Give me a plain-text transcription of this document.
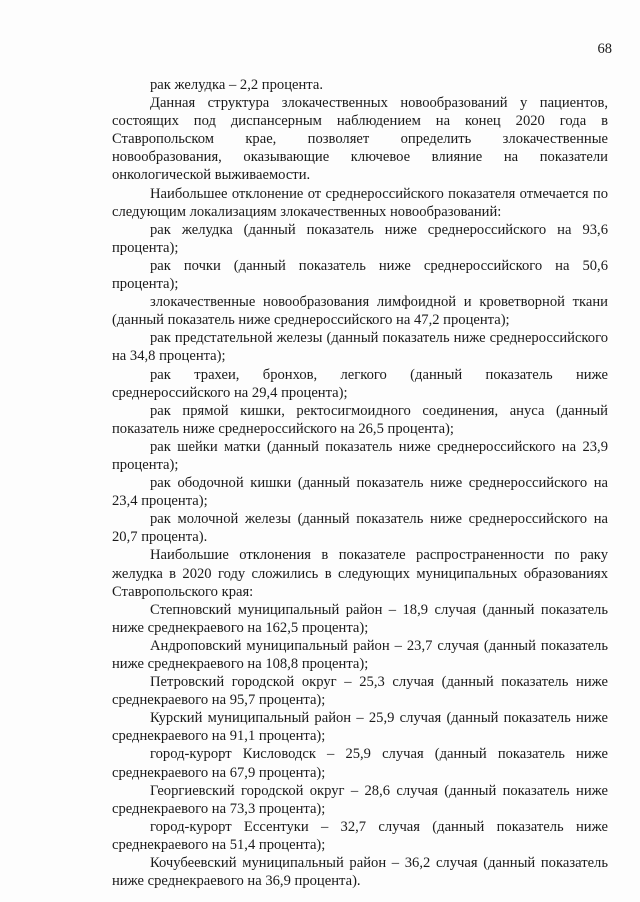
68

рак желудка – 2,2 процента.

Данная структура злокачественных новообразований у пациентов, состоящих под диспансерным наблюдением на конец 2020 года в Ставропольском крае, позволяет определить злокачественные новообразования, оказывающие ключевое влияние на показатели онкологической выживаемости.

Наибольшее отклонение от среднероссийского показателя отмечается по следующим локализациям злокачественных новообразований:

рак желудка (данный показатель ниже среднероссийского на 93,6 процента);

рак почки (данный показатель ниже среднероссийского на 50,6 процента);

злокачественные новообразования лимфоидной и кроветворной ткани (данный показатель ниже среднероссийского на 47,2 процента);

рак предстательной железы (данный показатель ниже среднероссийского на 34,8 процента);

рак трахеи, бронхов, легкого (данный показатель ниже среднероссийского на 29,4 процента);

рак прямой кишки, ректосигмоидного соединения, ануса (данный показатель ниже среднероссийского на 26,5 процента);

рак шейки матки (данный показатель ниже среднероссийского на 23,9 процента);

рак ободочной кишки (данный показатель ниже среднероссийского на 23,4 процента);

рак молочной железы (данный показатель ниже среднероссийского на 20,7 процента).

Наибольшие отклонения в показателе распространенности по раку желудка в 2020 году сложились в следующих муниципальных образованиях Ставропольского края:

Степновский муниципальный район – 18,9 случая (данный показатель ниже среднекраевого на 162,5 процента);

Андроповский муниципальный район – 23,7 случая (данный показатель ниже среднекраевого на 108,8 процента);

Петровский городской округ – 25,3 случая (данный показатель ниже среднекраевого на 95,7 процента);

Курский муниципальный район – 25,9 случая (данный показатель ниже среднекраевого на 91,1 процента);

город-курорт Кисловодск – 25,9 случая (данный показатель ниже среднекраевого на 67,9 процента);

Георгиевский городской округ – 28,6 случая (данный показатель ниже среднекраевого на 73,3 процента);

город-курорт Ессентуки – 32,7 случая (данный показатель ниже среднекраевого на 51,4 процента);

Кочубеевский муниципальный район – 36,2 случая (данный показатель ниже среднекраевого на 36,9 процента).
